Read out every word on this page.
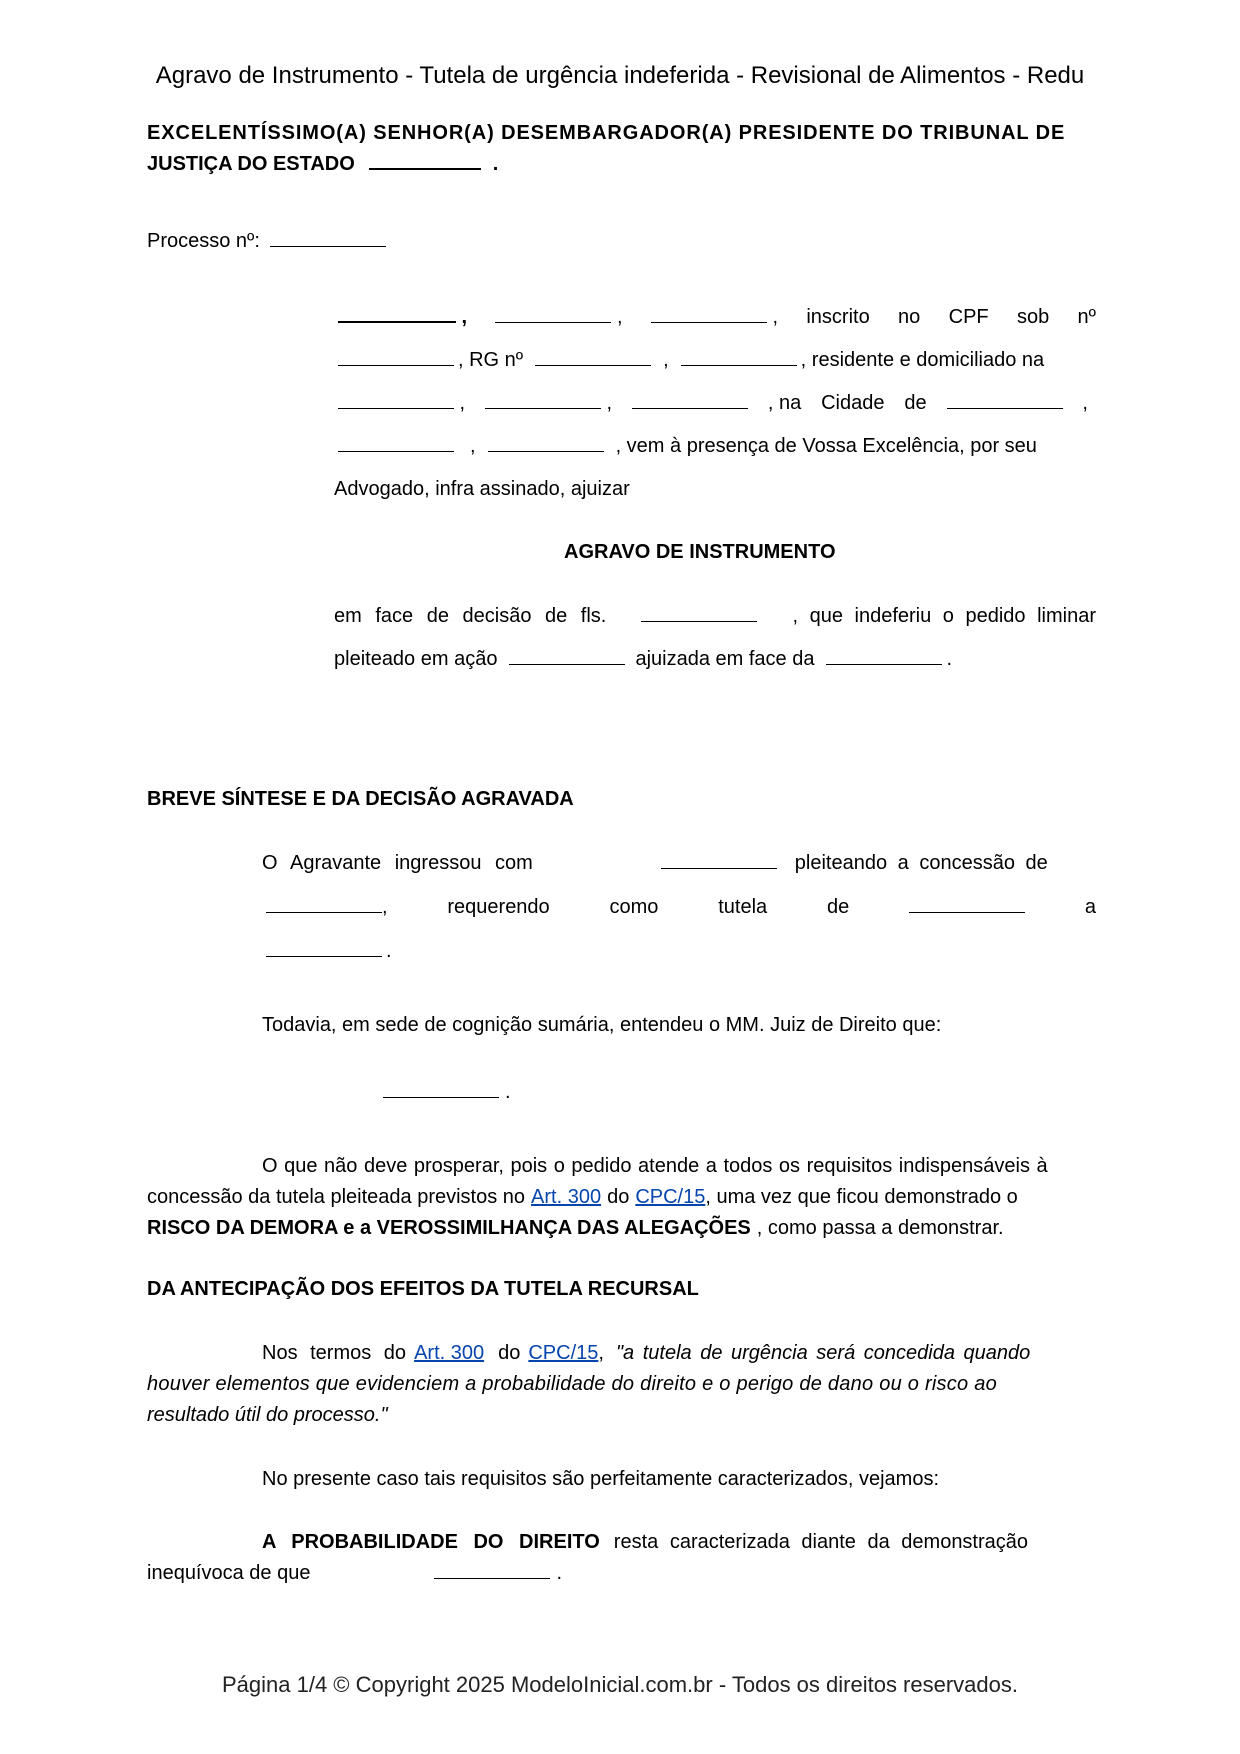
Agravo de Instrumento - Tutela de urgência indeferida - Revisional de Alimentos - Redu
EXCELENTÍSSIMO(A) SENHOR(A) DESEMBARGADOR(A) PRESIDENTE DO TRIBUNAL DE
JUSTIÇA DO ESTADO	.
Processo nº:
,	,	, inscrito no CPF sob nº
, RG nº	,	, residente e domiciliado na
,	,	, na Cidade de	,
,	, vem à presença de Vossa Excelência, por seu
Advogado, infra assinado, ajuizar
AGRAVO DE INSTRUMENTO
em face de decisão de fls.	, que indeferiu o pedido liminar
pleiteado em ação	ajuizada em face da	.
BREVE SÍNTESE E DA DECISÃO AGRAVADA
O Agravante ingressou com	pleiteando a concessão de
,	requerendo	como	tutela	de	a
.
Todavia, em sede de cognição sumária, entendeu o MM. Juiz de Direito que:
.
O que não deve prosperar, pois o pedido atende a todos os requisitos indispensáveis à
concessão da tutela pleiteada previstos no Art. 300 do CPC/15 , uma vez que ficou demonstrado o
RISCO DA DEMORA e a VEROSSIMILHANÇA DAS ALEGAÇÕES , como passa a demonstrar.
DA ANTECIPAÇÃO DOS EFEITOS DA TUTELA RECURSAL
Nos termos do Art. 300 do CPC/15 , "a tutela de urgência será concedida quando
houver elementos que evidenciem a probabilidade do direito e o perigo de dano ou o risco ao
resultado útil do processo."
No presente caso tais requisitos são perfeitamente caracterizados, vejamos:
A PROBABILIDADE DO DIREITO resta caracterizada diante da demonstração
inequívoca de que	.
Página 1/4 © Copyright 2025 ModeloInicial.com.br - Todos os direitos reservados.
